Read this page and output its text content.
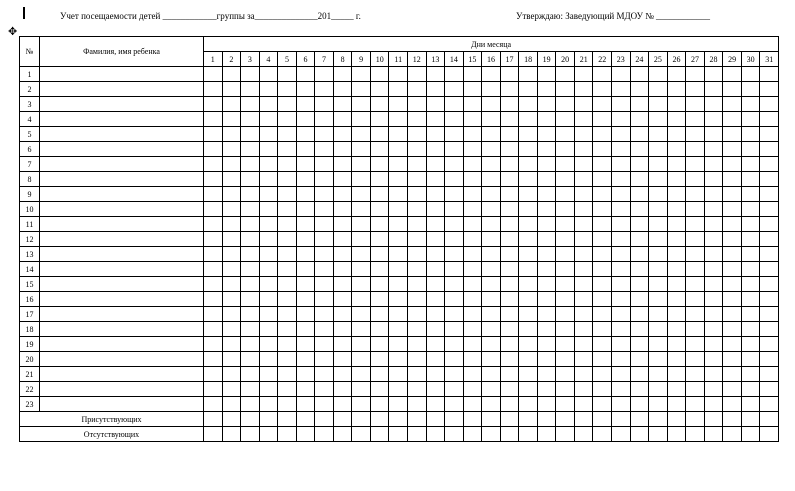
Учет посещаемости детей ____________группы за______________201_____ г.	Утверждаю: Заведующий МДОУ № ____________
✥
№	Фамилия, имя ребенка	Дни месяца																														
		1	2	3	4	5	6	7	8	9	10	11	12	13	14	15	16	17	18	19	20	21	22	23	24	25	26	27	28	29	30	31
1																																
2																																
3																																
4																																
5																																
6																																
7																																
8																																
9																																
10																																
11																																
12																																
13																																
14																																
15																																
16																																
17																																
18																																
19																																
20																																
21																																
22																																
23																																
Присутствующих																																
Отсутствующих																																
